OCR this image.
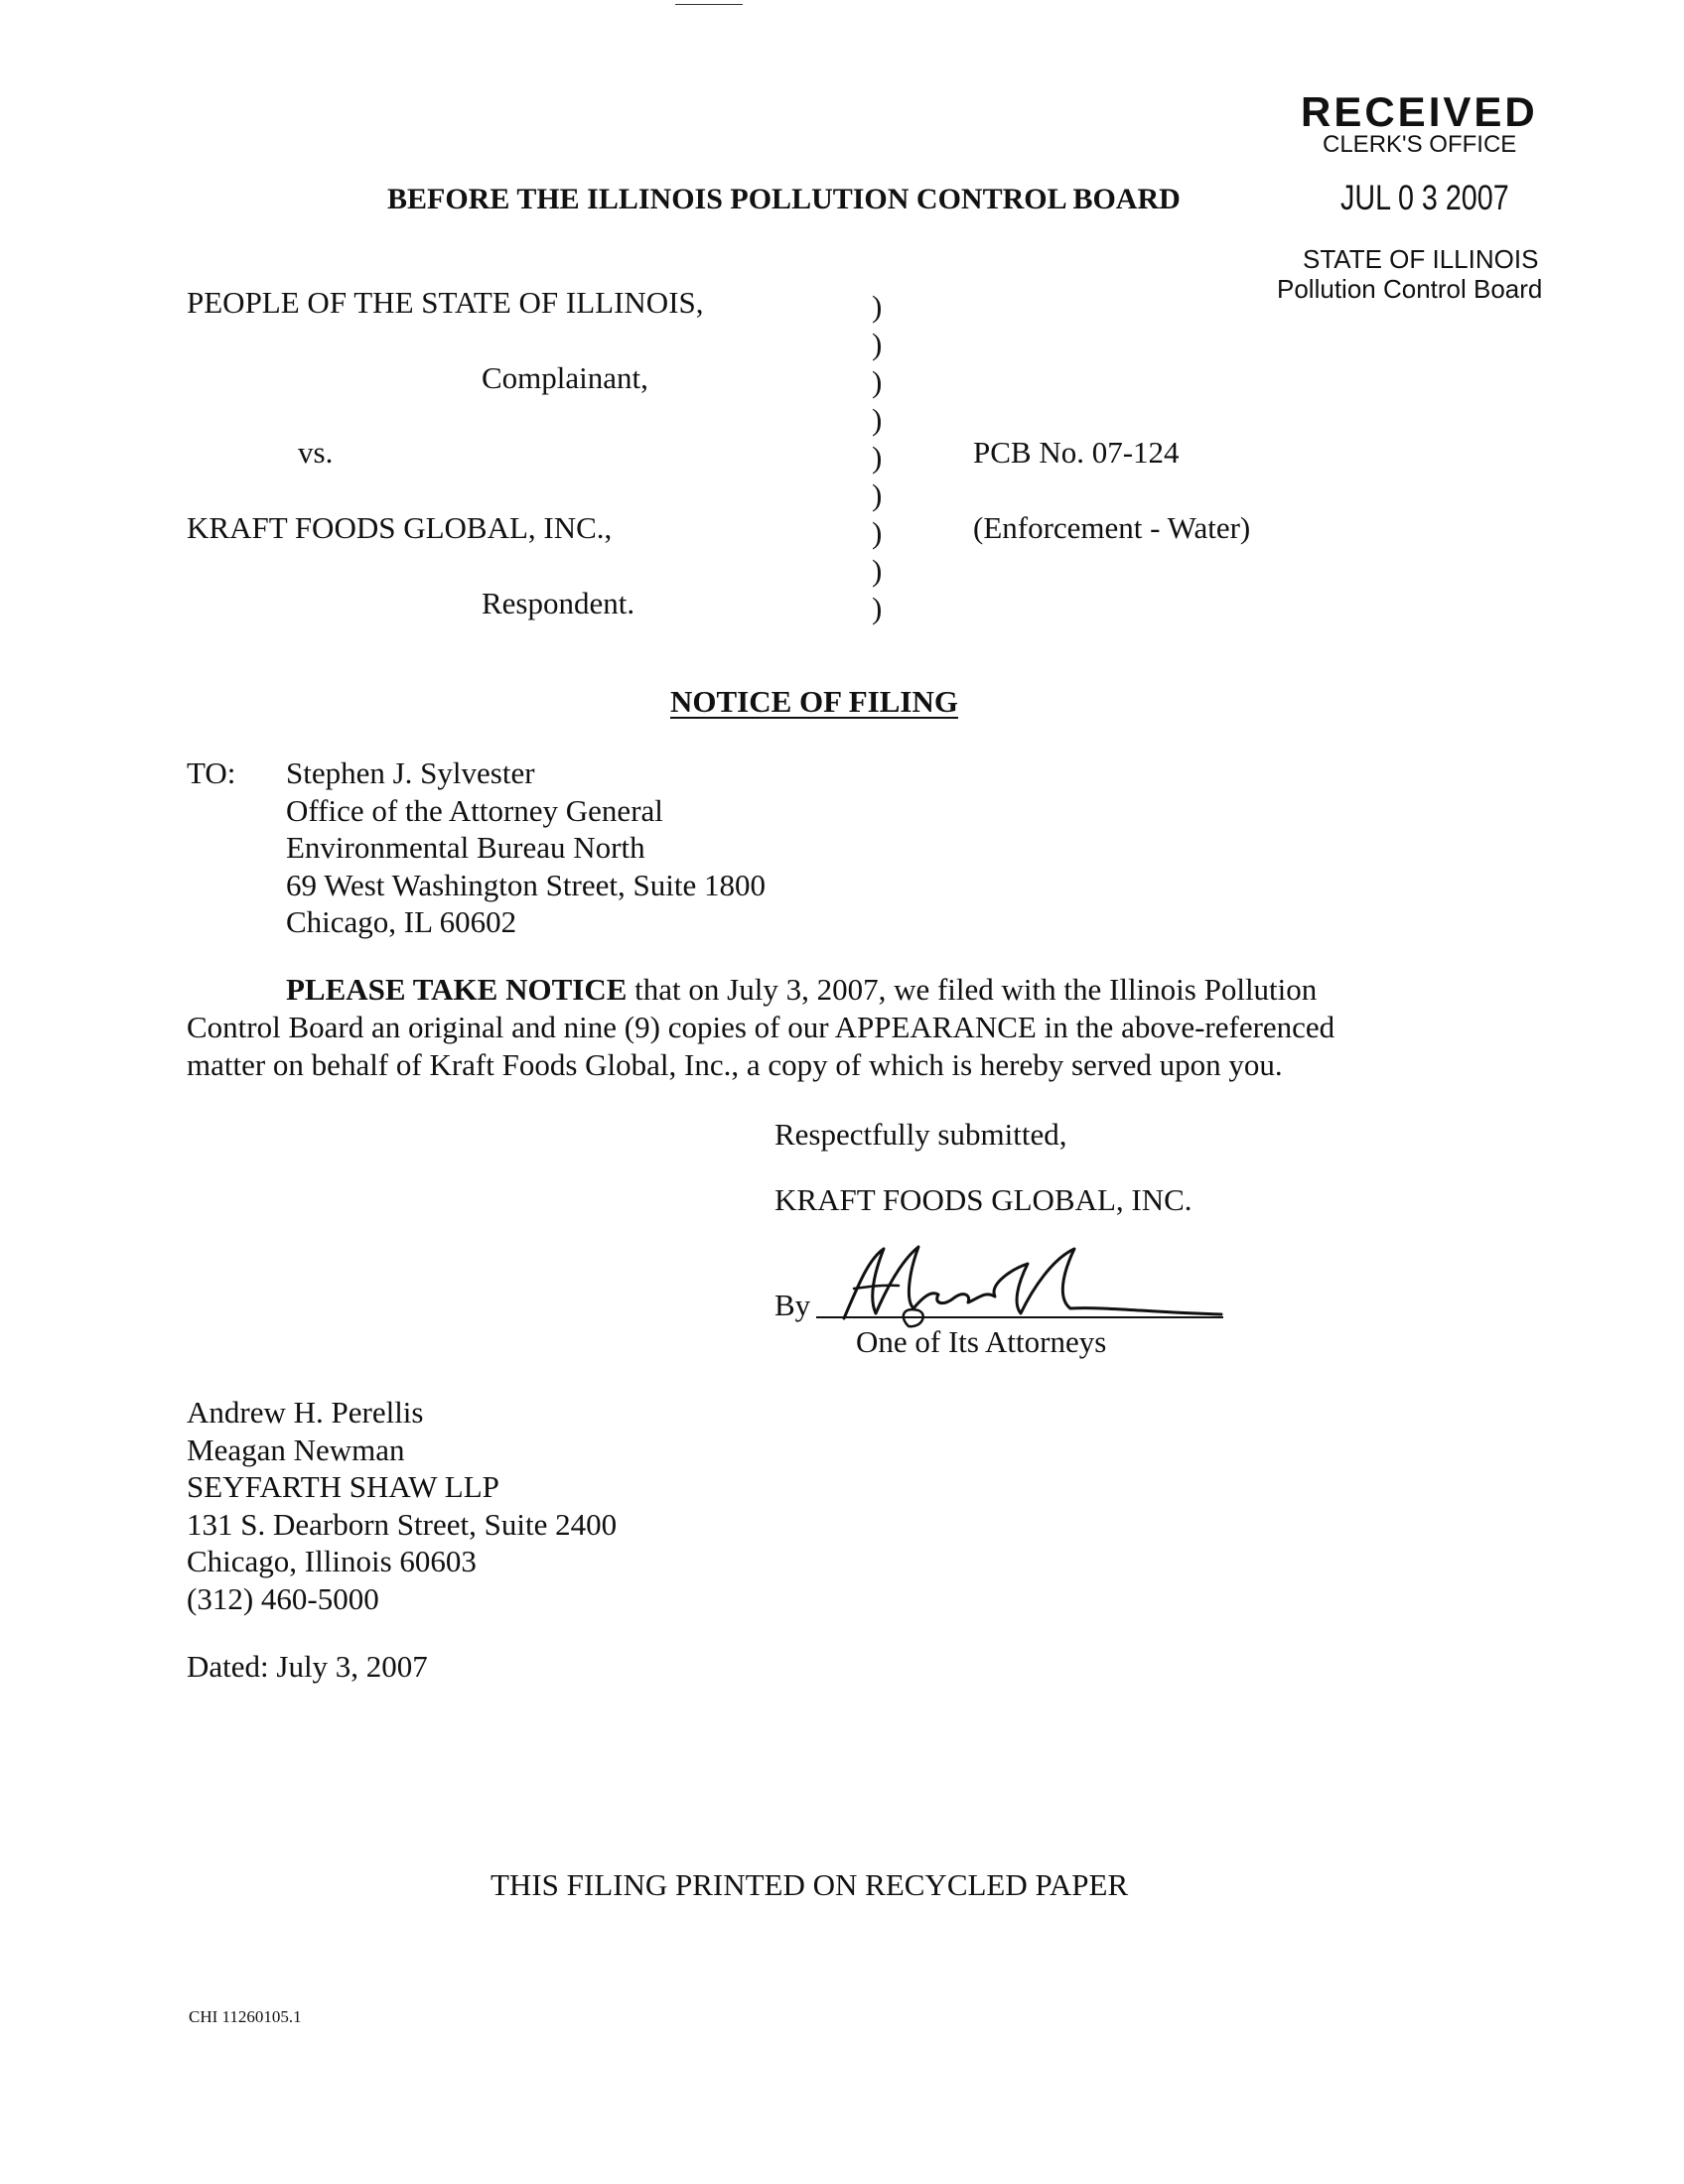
RECEIVED
CLERK'S OFFICE
JUL 0 3 2007
STATE OF ILLINOIS
Pollution Control Board
BEFORE THE ILLINOIS POLLUTION CONTROL BOARD
PEOPLE OF THE STATE OF ILLINOIS,
Complainant,
vs.
KRAFT FOODS GLOBAL, INC.,
Respondent.
)
)
)
)
)
)
)
)
)
PCB No. 07-124
(Enforcement - Water)
NOTICE OF FILING
TO: Stephen J. Sylvester
Office of the Attorney General
Environmental Bureau North
69 West Washington Street, Suite 1800
Chicago, IL 60602
PLEASE TAKE NOTICE that on July 3, 2007, we filed with the Illinois Pollution
Control Board an original and nine (9) copies of our APPEARANCE in the above-referenced
matter on behalf of Kraft Foods Global, Inc., a copy of which is hereby served upon you.
Respectfully submitted,
KRAFT FOODS GLOBAL, INC.
By
One of Its Attorneys
Andrew H. Perellis
Meagan Newman
SEYFARTH SHAW LLP
131 S. Dearborn Street, Suite 2400
Chicago, Illinois 60603
(312) 460-5000
Dated: July 3, 2007
THIS FILING PRINTED ON RECYCLED PAPER
CHI 11260105.1
